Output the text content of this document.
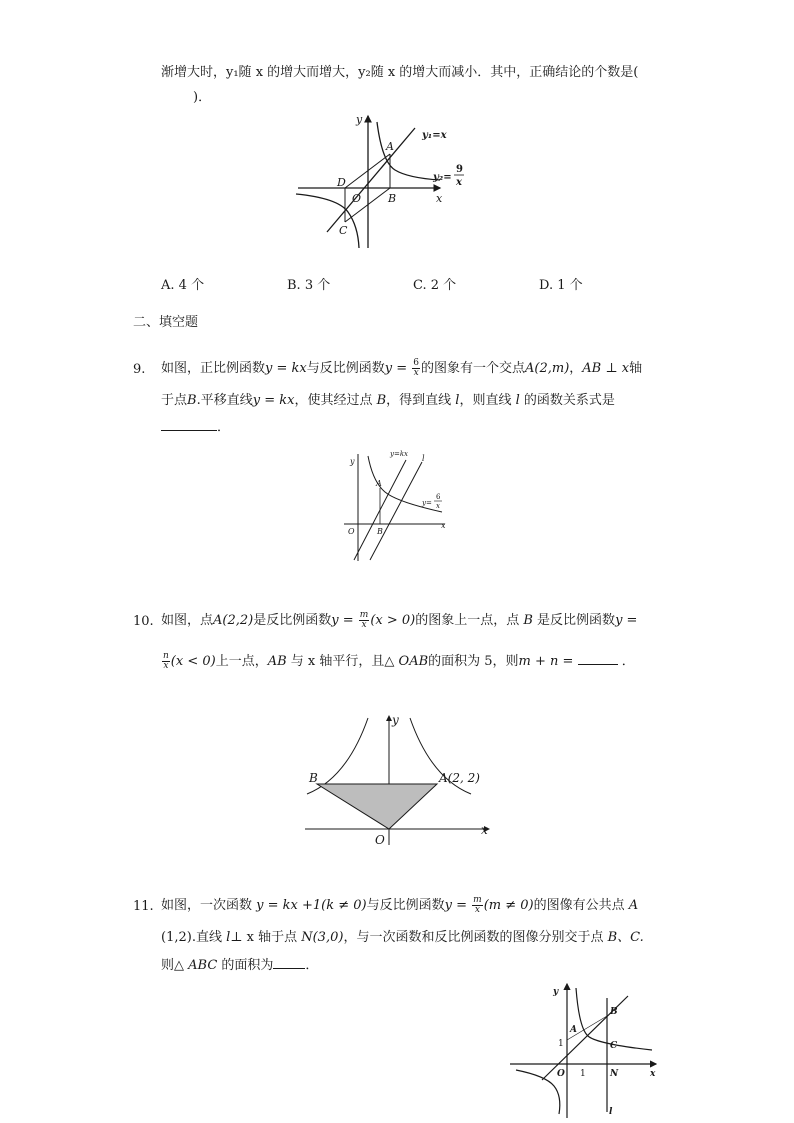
渐增大时，y₁随 x 的增大而增大，y₂随 x 的增大而减小．其中，正确结论的个数是(
)．
y
x
y₁=x
y₂=
9
x
A
B
C
D
O
A. 4 个	B. 3 个	C. 2 个	D. 1 个
二、填空题
9. 如图，正比例函数y = kx与反比例函数$y = \frac{6}{x}$ 的图象有一个交点A(2,m)，AB ⊥ x轴
于点B.平移直线y = kx，使其经过点 B，得到直线 l，则直线 l 的函数关系式是
．
y
x
y=kx l
y=
6
x
A
B
O
10. 如图，点A(2,2)是反比例函数$y = \frac{m}{x} (x > 0)$的图象上一点，点 B 是反比例函数y =
$\frac{n}{x} (x < 0)$上一点，AB 与 x 轴平行，且△ OAB的面积为 5，则m + n =	．
y
x
A(2, 2)
B
O
11. 如图，一次函数 y = kx +1(k ≠ 0)与反比例函数$y = \frac{m}{x} (m \ne 0)$的图像有公共点 A
(1,2).直线 l⊥ x 轴于点 N(3,0)，与一次函数和反比例函数的图像分别交于点 B、C.
则△ ABC 的面积为 ．
y
x
A
B
C
N
O 1
1
l
